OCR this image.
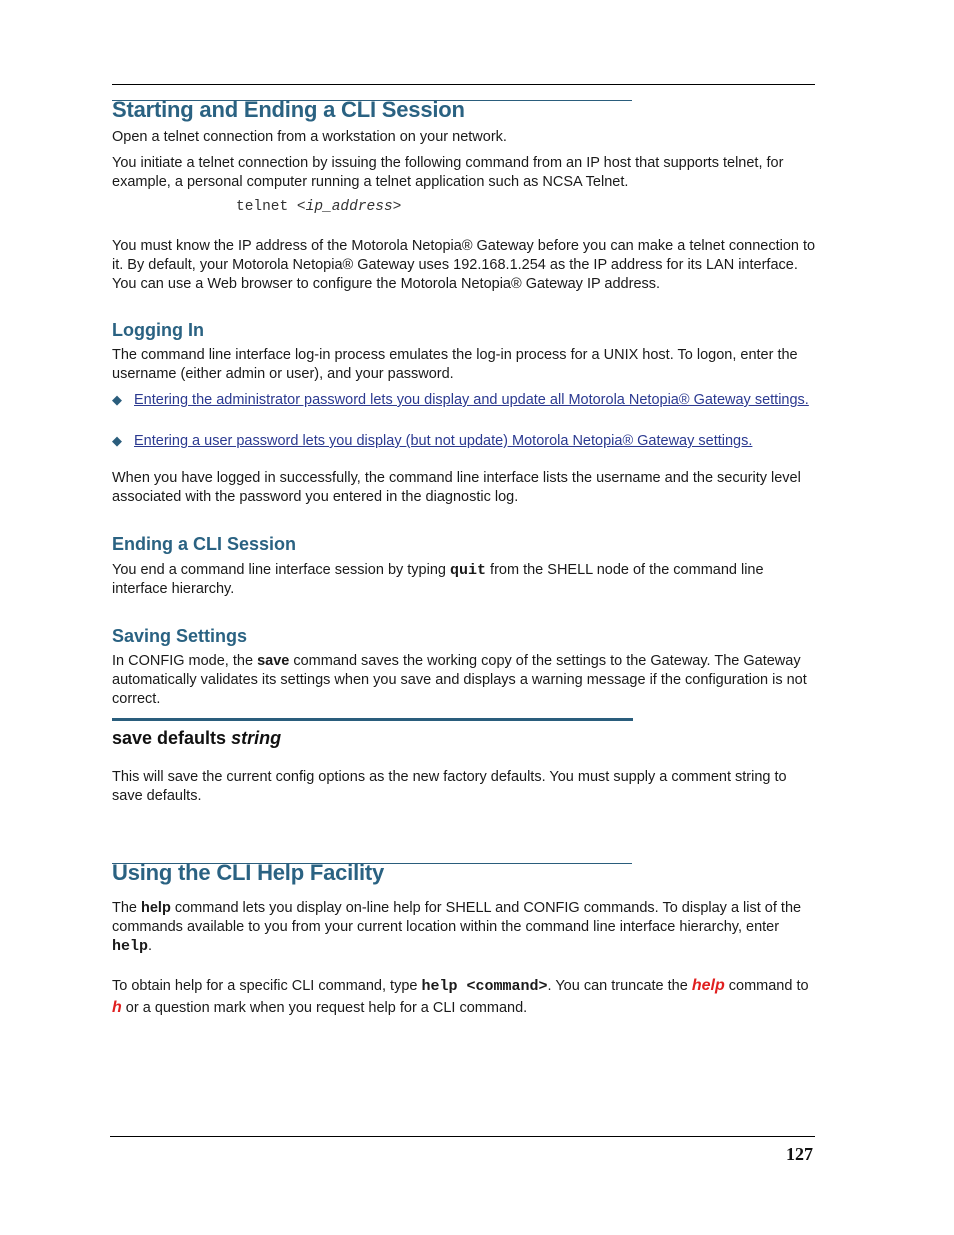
Starting and Ending a CLI Session
Open a telnet connection from a workstation on your network.
You initiate a telnet connection by issuing the following command from an IP host that supports telnet, for example, a personal computer running a telnet application such as NCSA Telnet.
telnet <ip_address>
You must know the IP address of the Motorola Netopia® Gateway before you can make a telnet connection to it. By default, your Motorola Netopia® Gateway uses 192.168.1.254 as the IP address for its LAN interface. You can use a Web browser to configure the Motorola Netopia® Gateway IP address.
Logging In
The command line interface log-in process emulates the log-in process for a UNIX host. To logon, enter the username (either admin or user), and your password.
◆ Entering the administrator password lets you display and update all Motorola Netopia® Gateway settings.
◆ Entering a user password lets you display (but not update) Motorola Netopia® Gateway settings.
When you have logged in successfully, the command line interface lists the username and the security level associated with the password you entered in the diagnostic log.
Ending a CLI Session
You end a command line interface session by typing quit from the SHELL node of the command line interface hierarchy.
Saving Settings
In CONFIG mode, the save command saves the working copy of the settings to the Gateway. The Gateway automatically validates its settings when you save and displays a warning message if the configuration is not correct.
save defaults string
This will save the current config options as the new factory defaults. You must supply a comment string to save defaults.
Using the CLI Help Facility
The help command lets you display on-line help for SHELL and CONFIG commands. To display a list of the commands available to you from your current location within the command line interface hierarchy, enter help.
To obtain help for a specific CLI command, type help <command>. You can truncate the help command to h or a question mark when you request help for a CLI command.
127
